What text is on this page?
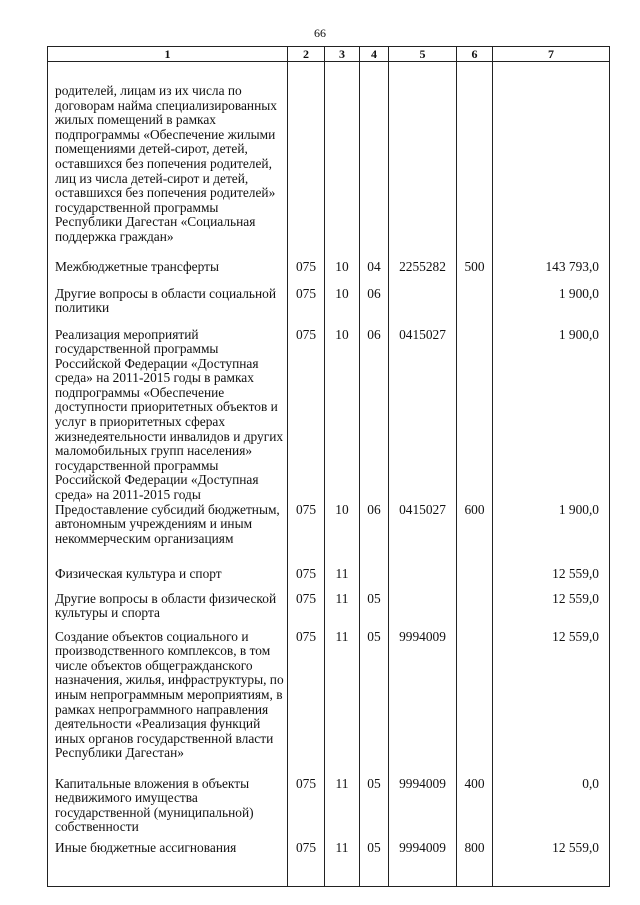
66
1	2	3	4	5	6	7
родителей, лицам из их числа по договорам найма специализированных жилых помещений в рамках подпрограммы «Обеспечение жилыми помещениями детей-сирот, детей, оставшихся без попечения родителей, лиц из числа детей-сирот и детей, оставшихся без попечения родителей» государственной программы Республики Дагестан «Социальная поддержка граждан»						
Межбюджетные трансферты	075	10	04	2255282	500	143 793,0
Другие вопросы в области социальной политики	075	10	06			1 900,0
Реализация мероприятий государственной программы Российской Федерации «Доступная среда» на 2011-2015 годы в рамках подпрограммы «Обеспечение доступности приоритетных объектов и услуг в приоритетных сферах жизнедеятельности инвалидов и других маломобильных групп населения» государственной программы Российской Федерации «Доступная среда» на 2011-2015 годы	075	10	06	0415027		1 900,0
Предоставление субсидий бюджетным, автономным учреждениям и иным некоммерческим организациям	075	10	06	0415027	600	1 900,0
Физическая культура и спорт	075	11				12 559,0
Другие вопросы в области физической культуры и спорта	075	11	05			12 559,0
Создание объектов социального и производственного комплексов, в том числе объектов общегражданского назначения, жилья, инфраструктуры, по иным непрограммным мероприятиям, в рамках непрограммного направления деятельности «Реализация функций иных органов государственной власти Республики Дагестан»	075	11	05	9994009		12 559,0
Капитальные вложения в объекты недвижимого имущества государственной (муниципальной) собственности	075	11	05	9994009	400	0,0
Иные бюджетные ассигнования	075	11	05	9994009	800	12 559,0
